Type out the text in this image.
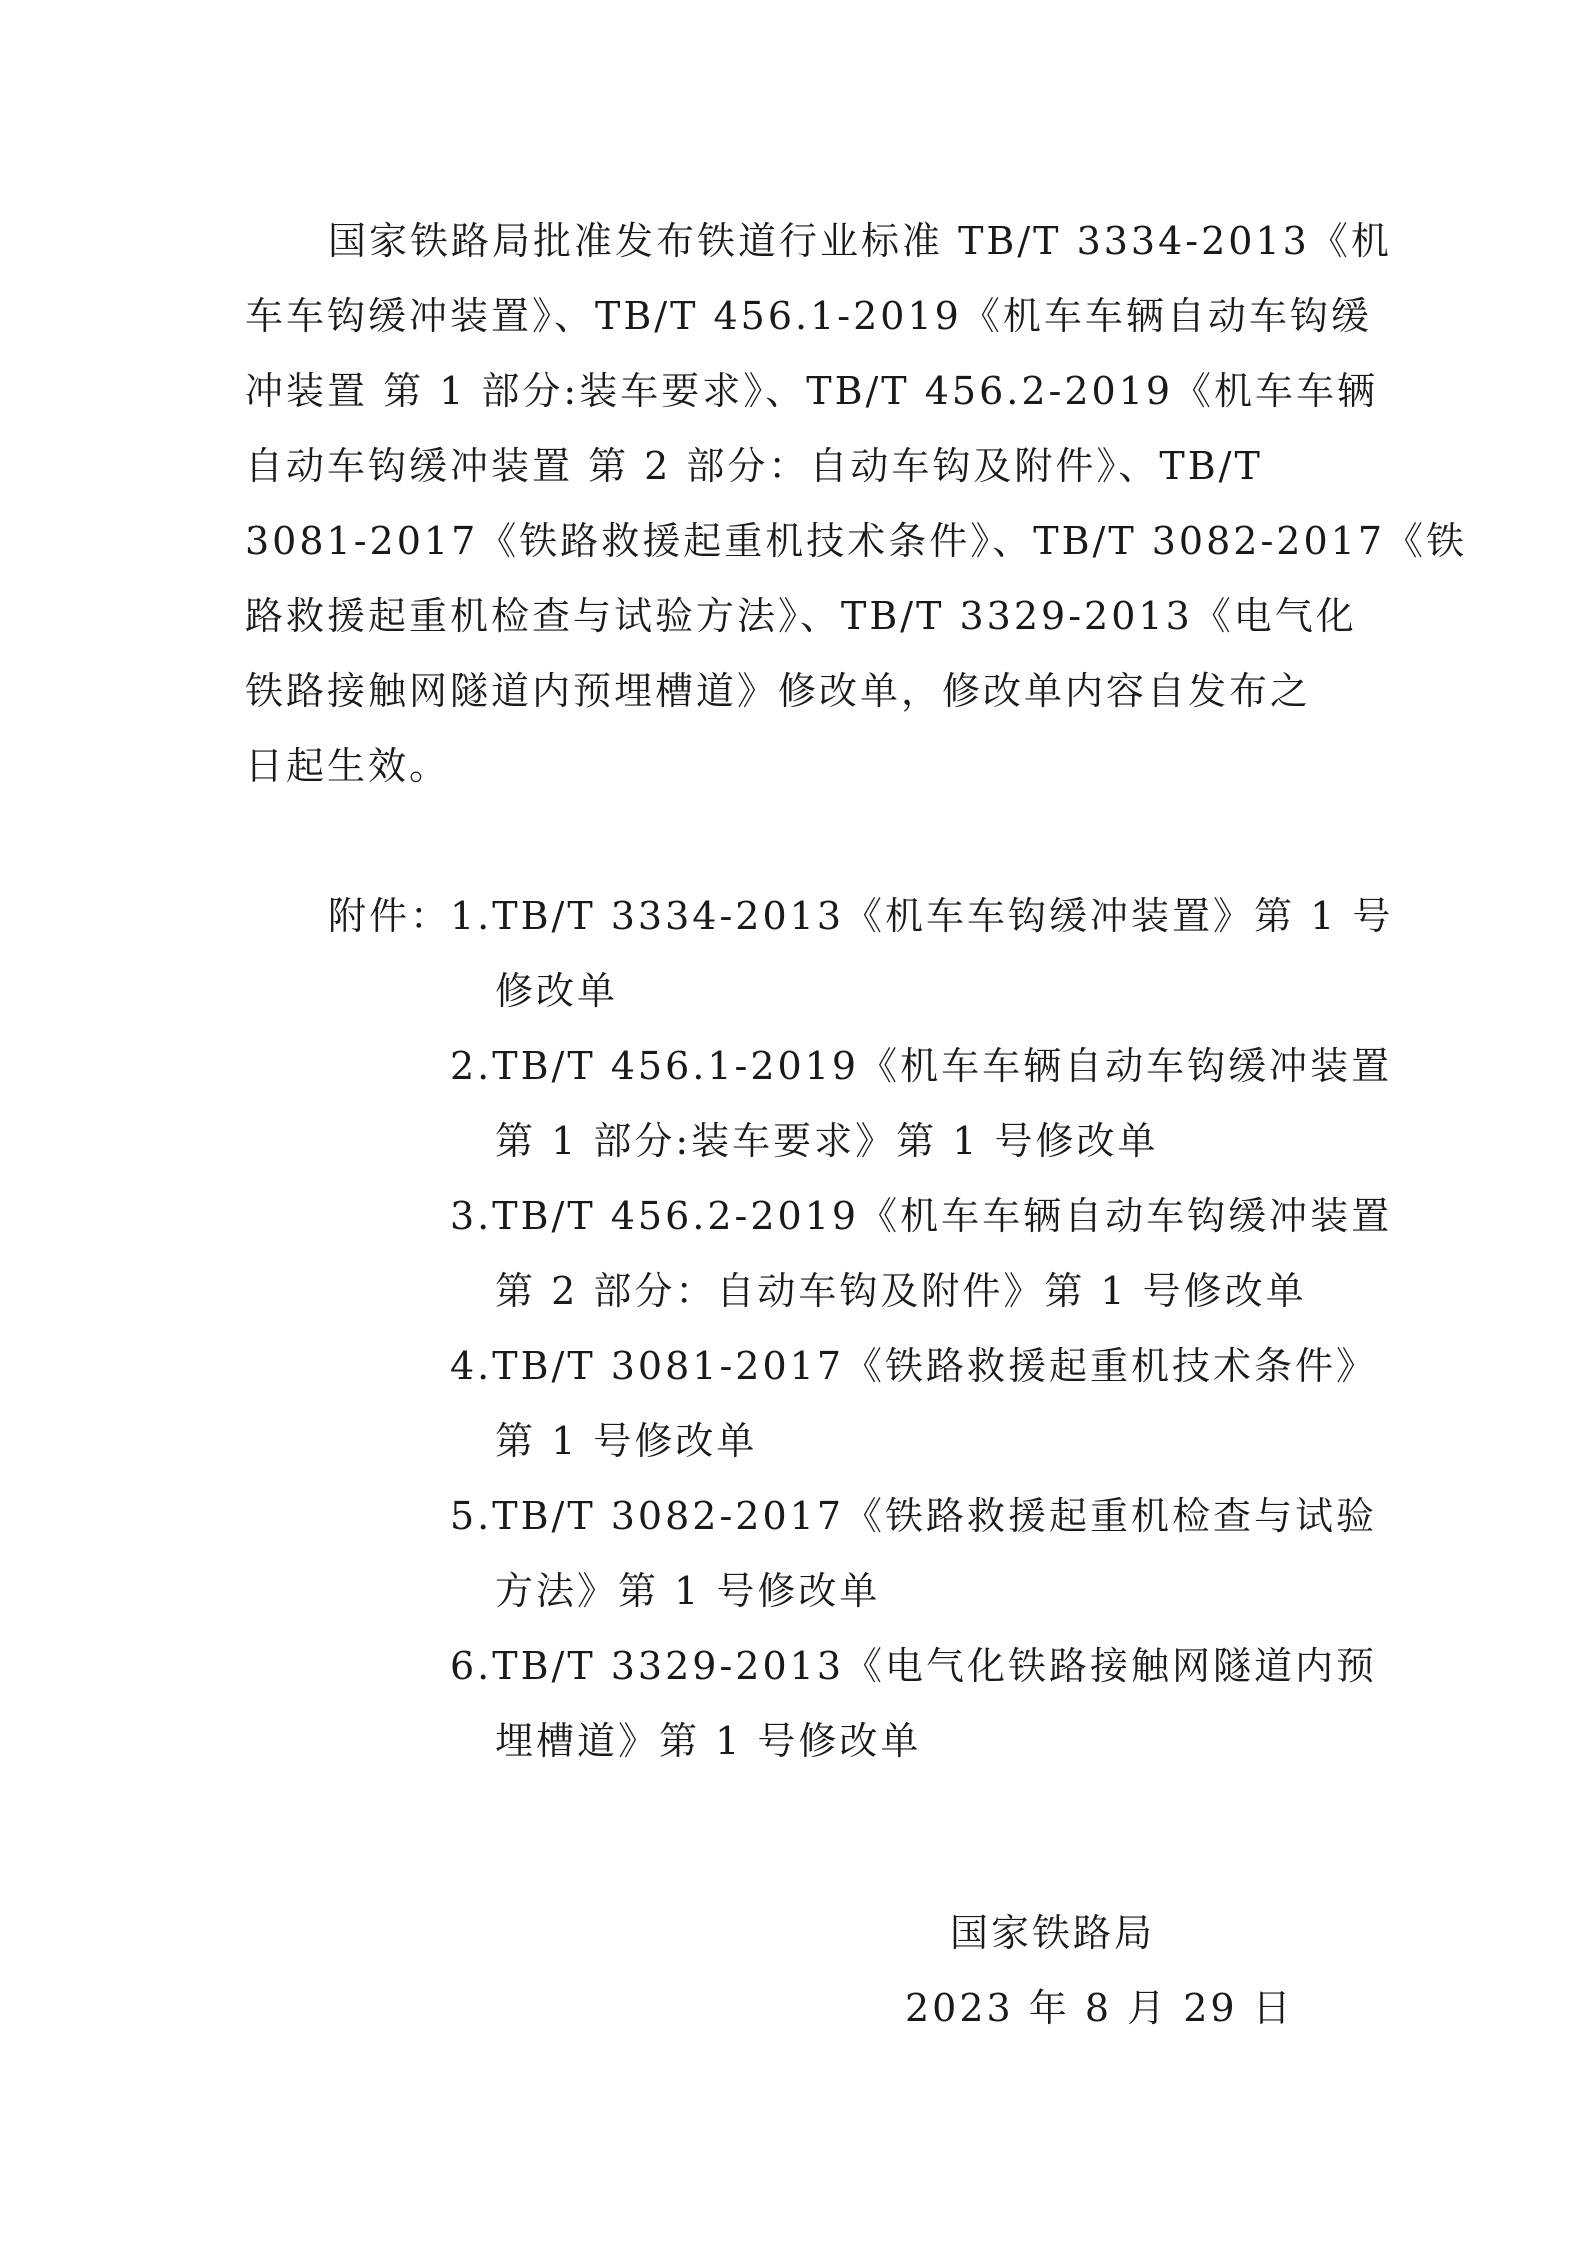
国家铁路局批准发布铁道行业标准 TB/T 3334-2013《机
车车钩缓冲装置》、TB/T 456.1-2019《机车车辆自动车钩缓
冲装置 第 1 部分:装车要求》、TB/T 456.2-2019《机车车辆
自动车钩缓冲装置 第 2 部分：自动车钩及附件》、TB/T
3081-2017《铁路救援起重机技术条件》、TB/T 3082-2017《铁
路救援起重机检查与试验方法》、TB/T 3329-2013《电气化
铁路接触网隧道内预埋槽道》修改单，修改单内容自发布之
日起生效。
附件：
1.TB/T 3334-2013《机车车钩缓冲装置》第 1 号
修改单
2.TB/T 456.1-2019《机车车辆自动车钩缓冲装置
第 1 部分:装车要求》第 1 号修改单
3.TB/T 456.2-2019《机车车辆自动车钩缓冲装置
第 2 部分：自动车钩及附件》第 1 号修改单
4.TB/T 3081-2017《铁路救援起重机技术条件》
第 1 号修改单
5.TB/T 3082-2017《铁路救援起重机检查与试验
方法》第 1 号修改单
6.TB/T 3329-2013《电气化铁路接触网隧道内预
埋槽道》第 1 号修改单
国家铁路局
2023 年 8 月 29 日
